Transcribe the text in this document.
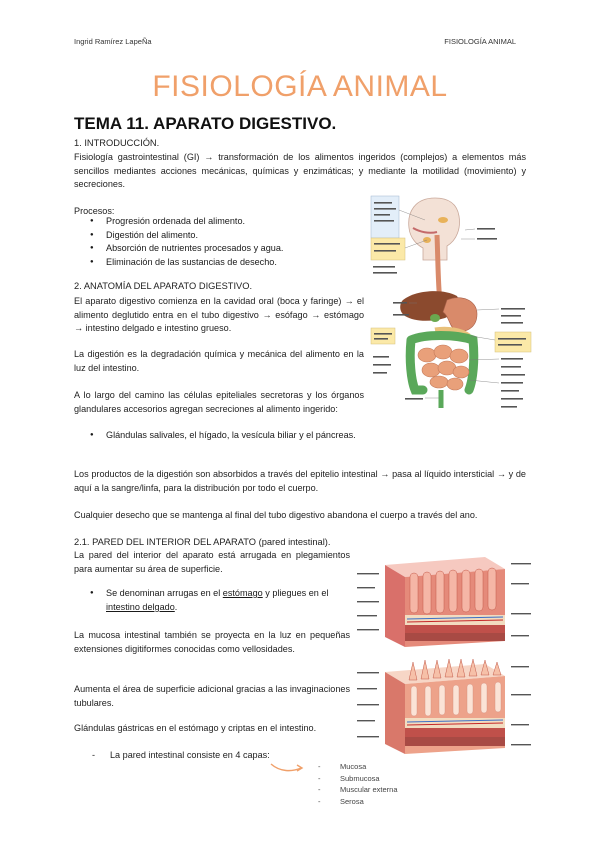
Ingrid Ramírez LapeÑa	FISIOLOGÍA ANIMAL
FISIOLOGÍA ANIMAL
TEMA 11. APARATO DIGESTIVO.
1. INTRODUCCIÓN.
Fisiología gastrointestinal (GI) → transformación de los alimentos ingeridos (complejos) a elementos más sencillos mediantes acciones mecánicas, químicas y enzimáticas; y mediante la motilidad (movimiento) y secreciones.
Procesos:
● Progresión ordenada del alimento.
● Digestión del alimento.
● Absorción de nutrientes procesados y agua.
● Eliminación de las sustancias de desecho.
2. ANATOMÍA DEL APARATO DIGESTIVO.
El aparato digestivo comienza en la cavidad oral (boca y faringe) → el alimento deglutido entra en el tubo digestivo → esófago → estómago → intestino delgado e intestino grueso.
La digestión es la degradación química y mecánica del alimento en la luz del intestino.
A lo largo del camino las células epiteliales secretoras y los órganos glandulares accesorios agregan secreciones al alimento ingerido:
● Glándulas salivales, el hígado, la vesícula biliar y el páncreas.
Los productos de la digestión son absorbidos a través del epitelio intestinal → pasa al líquido intersticial → y de aquí a la sangre/linfa, para la distribución por todo el cuerpo.
Cualquier desecho que se mantenga al final del tubo digestivo abandona el cuerpo a través del ano.
2.1. PARED DEL INTERIOR DEL APARATO (pared intestinal).
La pared del interior del aparato está arrugada en plegamientos para aumentar su área de superficie.
● Se denominan arrugas en el estómago y pliegues en el intestino delgado.
La mucosa intestinal también se proyecta en la luz en pequeñas extensiones digitiformes conocidas como vellosidades.
Aumenta el área de superficie adicional gracias a las invaginaciones tubulares.
Glándulas gástricas en el estómago y criptas en el intestino.
- La pared intestinal consiste en 4 capas:
-	Mucosa
-	Submucosa
-	Muscular externa
-	Serosa
